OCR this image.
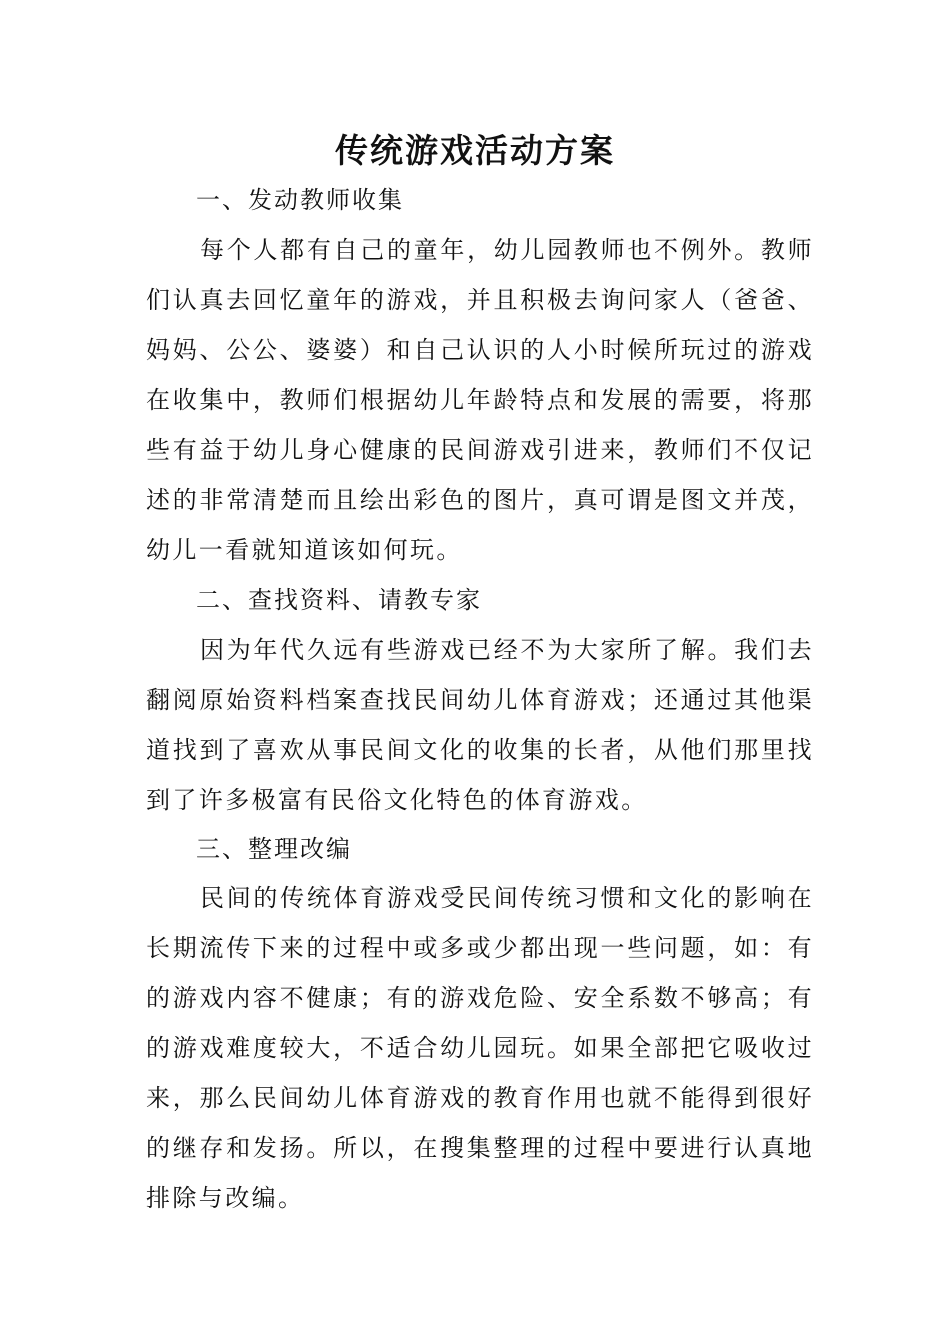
传统游戏活动方案

一、发动教师收集

每个人都有自己的童年，幼儿园教师也不例外。教师们认真去回忆童年的游戏，并且积极去询问家人（爸爸、妈妈、公公、婆婆）和自己认识的人小时候所玩过的游戏在收集中，教师们根据幼儿年龄特点和发展的需要，将那些有益于幼儿身心健康的民间游戏引进来，教师们不仅记述的非常清楚而且绘出彩色的图片，真可谓是图文并茂，幼儿一看就知道该如何玩。

二、查找资料、请教专家

因为年代久远有些游戏已经不为大家所了解。我们去翻阅原始资料档案查找民间幼儿体育游戏；还通过其他渠道找到了喜欢从事民间文化的收集的长者，从他们那里找到了许多极富有民俗文化特色的体育游戏。

三、整理改编

民间的传统体育游戏受民间传统习惯和文化的影响在长期流传下来的过程中或多或少都出现一些问题，如：有的游戏内容不健康；有的游戏危险、安全系数不够高；有的游戏难度较大，不适合幼儿园玩。如果全部把它吸收过来，那么民间幼儿体育游戏的教育作用也就不能得到很好的继存和发扬。所以，在搜集整理的过程中要进行认真地排除与改编。
